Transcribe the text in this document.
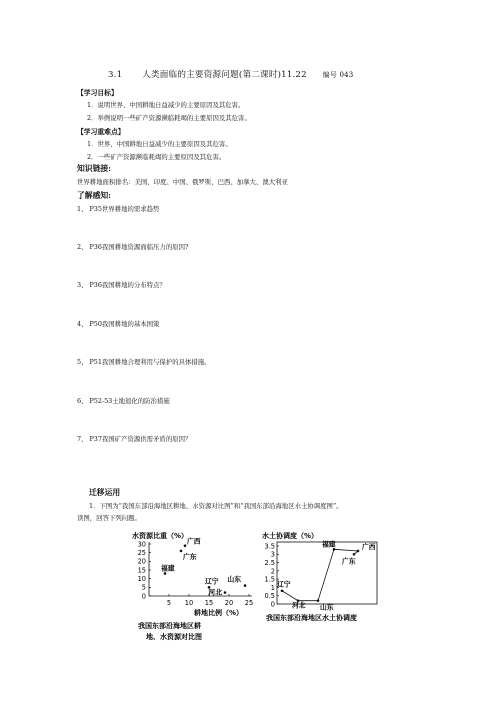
3.1 人类面临的主要资源问题(第二课时)11.22 编号 043
【学习目标】
1．说明世界、中国耕地日益减少的主要原因及其危害。
2．举例说明一些矿产资源濒临耗竭的主要原因及其危害。
【学习重难点】
1．世界、中国耕地日益减少的主要原因及其危害。
2．一些矿产资源濒临耗竭的主要原因及其危害。
知识链接:
世界耕地面积排名：美国、印度、中国、俄罗斯、巴西、加拿大、澳大利亚
了解感知:
1、 P35世界耕地的需求趋势
2、 P36我国耕地资源面临压力的原因?
3、 P36我国耕地的分布特点？
4、 P50我国耕地的基本国策
5、 P51我国耕地合理利用与保护的具体措施。
6、 P52-53土地退化的防治措施
7、 P37我国矿产资源供需矛盾的原因？
迁移运用
1．下图为“我国东部沿海地区耕地、水资源对比图”和“我国东部沿海地区水土协调度图”。
读图，回答下列问题。
水资源比重（%）
耕地比例（%）
我国东部沿海地区耕
地、水资源对比图
30
25
20
15
10
5
0
5 10 15 20 25
广西
广东
福建
辽宁 山东
河北
水土协调度（%）
我国东部沿海地区水土协调度
3.5
3
2.5
2
1.5
1
0.5
0
福建	广西
广东
辽宁
河北 山东
